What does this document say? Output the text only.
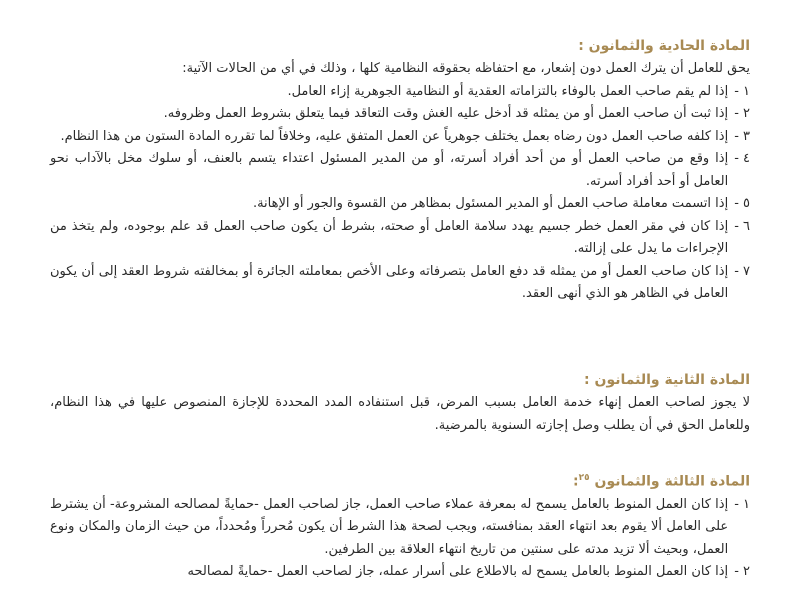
المادة الحادية والثمانون :

يحق للعامل أن يترك العمل دون إشعار، مع احتفاظه بحقوقه النظامية كلها ، وذلك في أي من الحالات الآتية:

١ -
إذا لم يقم صاحب العمل بالوفاء بالتزاماته العقدية أو النظامية الجوهرية إزاء العامل.
٢ -
إذا ثبت أن صاحب العمل أو من يمثله قد أدخل عليه الغش وقت التعاقد فيما يتعلق بشروط العمل وظروفه.
٣ -
إذا كلفه صاحب العمل دون رضاه بعمل يختلف جوهرياً عن العمل المتفق عليه، وخلافاً لما تقرره المادة الستون من هذا النظام.
٤ -
إذا وقع من صاحب العمل أو من أحد أفراد أسرته، أو من المدير المسئول اعتداء يتسم بالعنف، أو سلوك مخل بالآداب نحو العامل أو أحد أفراد أسرته.
٥ -
إذا اتسمت معاملة صاحب العمل أو المدير المسئول بمظاهر من القسوة والجور أو الإهانة.
٦ -
إذا كان في مقر العمل خطر جسيم يهدد سلامة العامل أو صحته، بشرط أن يكون صاحب العمل قد علم بوجوده، ولم يتخذ من الإجراءات ما يدل على إزالته.
٧ -
إذا كان صاحب العمل أو من يمثله قد دفع العامل بتصرفاته وعلى الأخص بمعاملته الجائرة أو بمخالفته شروط العقد إلى أن يكون العامل في الظاهر هو الذي أنهى العقد.
المادة الثانية والثمانون :

لا يجوز لصاحب العمل إنهاء خدمة العامل بسبب المرض، قبل استنفاده المدد المحددة للإجازة المنصوص عليها في هذا النظام، وللعامل الحق في أن يطلب وصل إجازته السنوية بالمرضية.

المادة الثالثة والثمانون $^{٢٥}$:
١ -
إذا كان العمل المنوط بالعامل يسمح له بمعرفة عملاء صاحب العمل، جاز لصاحب العمل -حمايةً لمصالحه المشروعة- أن يشترط على العامل ألا يقوم بعد انتهاء العقد بمنافسته، ويجب لصحة هذا الشرط أن يكون مُحرراً ومُحدداً، من حيث الزمان والمكان ونوع العمل، وبحيث ألا تزيد مدته على سنتين من تاريخ انتهاء العلاقة بين الطرفين.
٢ -
إذا كان العمل المنوط بالعامل يسمح له بالاطلاع على أسرار عمله، جاز لصاحب العمل -حمايةً لمصالحه
